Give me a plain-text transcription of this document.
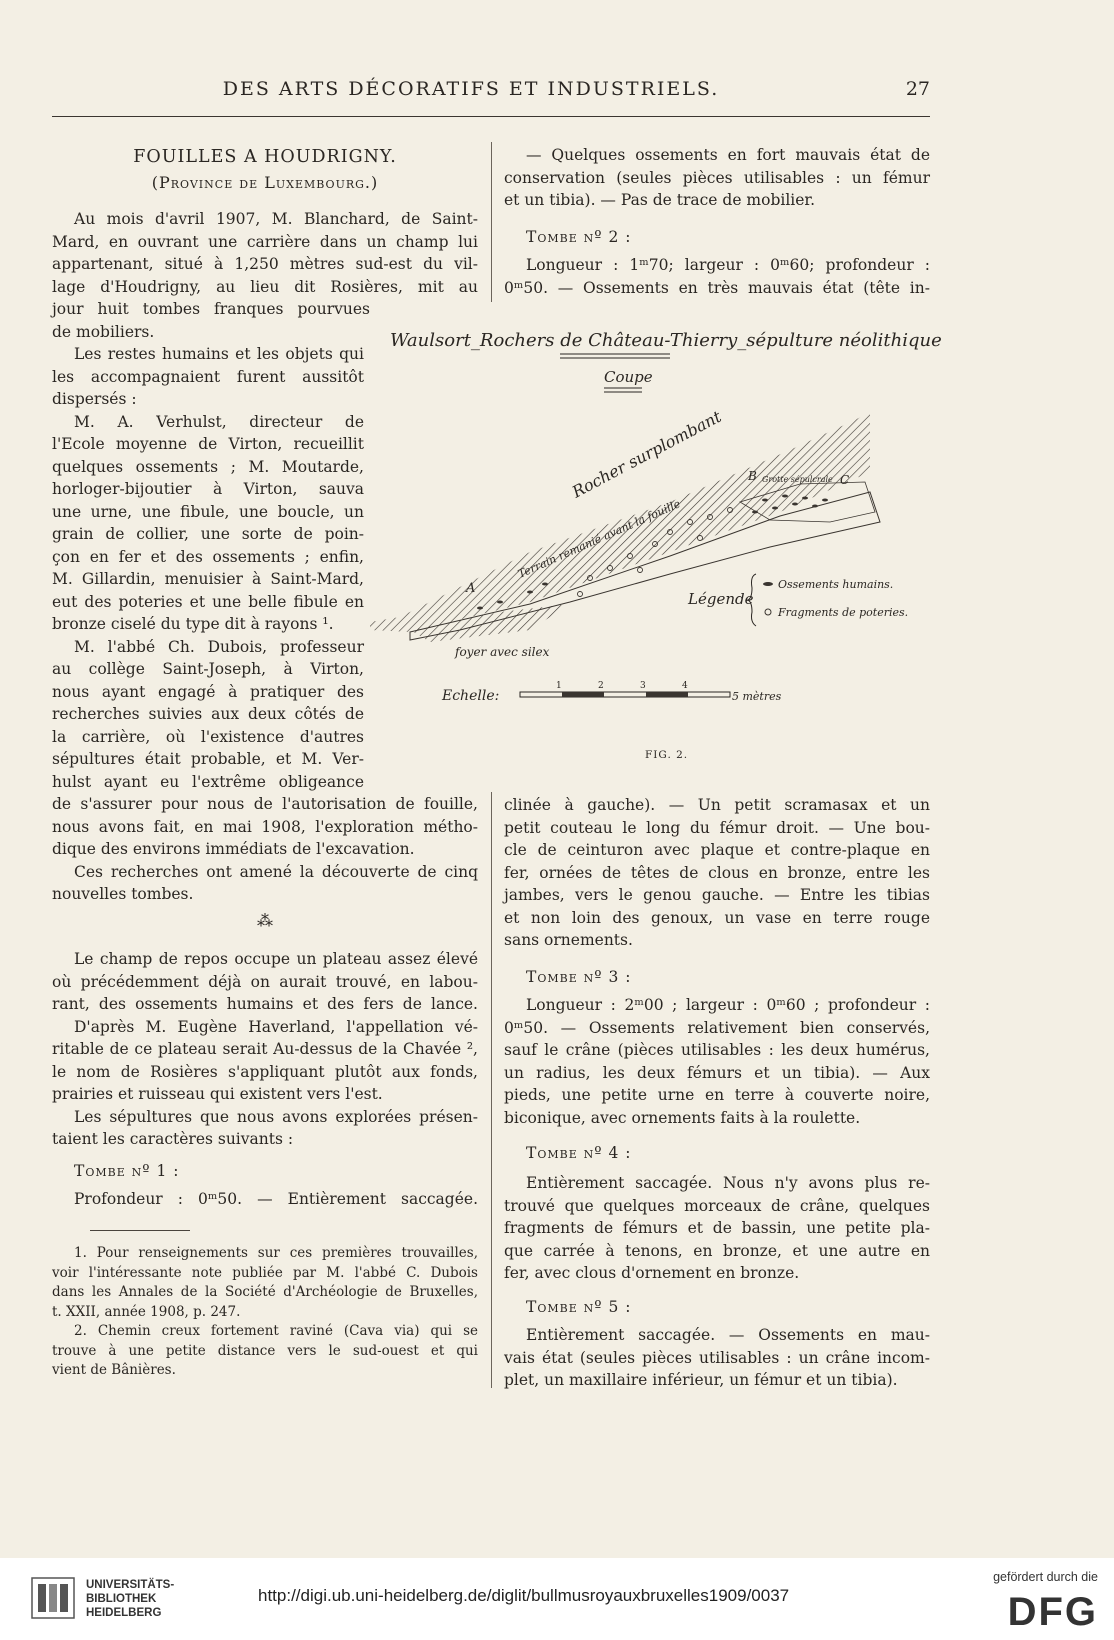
DES ARTS DÉCORATIFS ET INDUSTRIELS.	27
FOUILLES A HOUDRIGNY.
(Province de Luxembourg.)

Au mois d'avril 1907, M. Blanchard, de Saint-

Mard, en ouvrant une carrière dans un champ lui

appartenant, situé à 1,250 mètres sud-est du vil-

lage d'Houdrigny, au lieu dit Rosières, mit au

jour huit tombes franques pourvues

de mobiliers.

Les restes humains et les objets qui

les accompagnaient furent aussitôt

dispersés :

M. A. Verhulst, directeur de

l'Ecole moyenne de Virton, recueillit

quelques ossements ; M. Moutarde,

horloger-bijoutier à Virton, sauva

une urne, une fibule, une boucle, un

grain de collier, une sorte de poin-

çon en fer et des ossements ; enfin,

M. Gillardin, menuisier à Saint-Mard,

eut des poteries et une belle fibule en

bronze ciselé du type dit à rayons ¹.

M. l'abbé Ch. Dubois, professeur

au collège Saint-Joseph, à Virton,

nous ayant engagé à pratiquer des

recherches suivies aux deux côtés de

la carrière, où l'existence d'autres

sépultures était probable, et M. Ver-

hulst ayant eu l'extrême obligeance

de s'assurer pour nous de l'autorisation de fouille,

nous avons fait, en mai 1908, l'exploration métho-

dique des environs immédiats de l'excavation.

Ces recherches ont amené la découverte de cinq

nouvelles tombes.

⁂

Le champ de repos occupe un plateau assez élevé

où précédemment déjà on aurait trouvé, en labou-

rant, des ossements humains et des fers de lance.

D'après M. Eugène Haverland, l'appellation vé-

ritable de ce plateau serait Au-dessus de la Chavée ²,

le nom de Rosières s'appliquant plutôt aux fonds,

prairies et ruisseau qui existent vers l'est.

Les sépultures que nous avons explorées présen-

taient les caractères suivants :

Tombe nº 1 :
Profondeur : 0ᵐ50. — Entièrement saccagée.

1. Pour renseignements sur ces premières trouvailles,

voir l'intéressante note publiée par M. l'abbé C. Dubois

dans les Annales de la Société d'Archéologie de Bruxelles,

t. XXII, année 1908, p. 247.

2. Chemin creux fortement raviné (Cava via) qui se

trouve à une petite distance vers le sud-ouest et qui

vient de Bânières.

— Quelques ossements en fort mauvais état de

conservation (seules pièces utilisables : un fémur

et un tibia). — Pas de trace de mobilier.

Tombe nº 2 :

Longueur : 1ᵐ70; largeur : 0ᵐ60; profondeur :

0ᵐ50. — Ossements en très mauvais état (tête in-

Waulsort_Rochers de Château-Thierry_sépulture néolithique
Coupe
Rocher surplombant
Terrain remanié avant la fouille
A
B	C
Grotte sépulcrale
foyer avec silex
Légende
Ossements humains.
Fragments de poteries.
Echelle:
1	2	3	4
5 mètres
FIG. 2.

clinée à gauche). — Un petit scramasax et un

petit couteau le long du fémur droit. — Une bou-

cle de ceinturon avec plaque et contre-plaque en

fer, ornées de têtes de clous en bronze, entre les

jambes, vers le genou gauche. — Entre les tibias

et non loin des genoux, un vase en terre rouge

sans ornements.

Tombe nº 3 :

Longueur : 2ᵐ00 ; largeur : 0ᵐ60 ; profondeur :

0ᵐ50. — Ossements relativement bien conservés,

sauf le crâne (pièces utilisables : les deux humérus,

un radius, les deux fémurs et un tibia). — Aux

pieds, une petite urne en terre à couverte noire,

biconique, avec ornements faits à la roulette.

Tombe nº 4 :

Entièrement saccagée. Nous n'y avons plus re-

trouvé que quelques morceaux de crâne, quelques

fragments de fémurs et de bassin, une petite pla-

que carrée à tenons, en bronze, et une autre en

fer, avec clous d'ornement en bronze.

Tombe nº 5 :

Entièrement saccagée. — Ossements en mau-

vais état (seules pièces utilisables : un crâne incom-

plet, un maxillaire inférieur, un fémur et un tibia).

UNIVERSITÄTS-
BIBLIOTHEK
HEIDELBERG
http://digi.ub.uni-heidelberg.de/diglit/bullmusroyauxbruxelles1909/0037
gefördert durch die
DFG
